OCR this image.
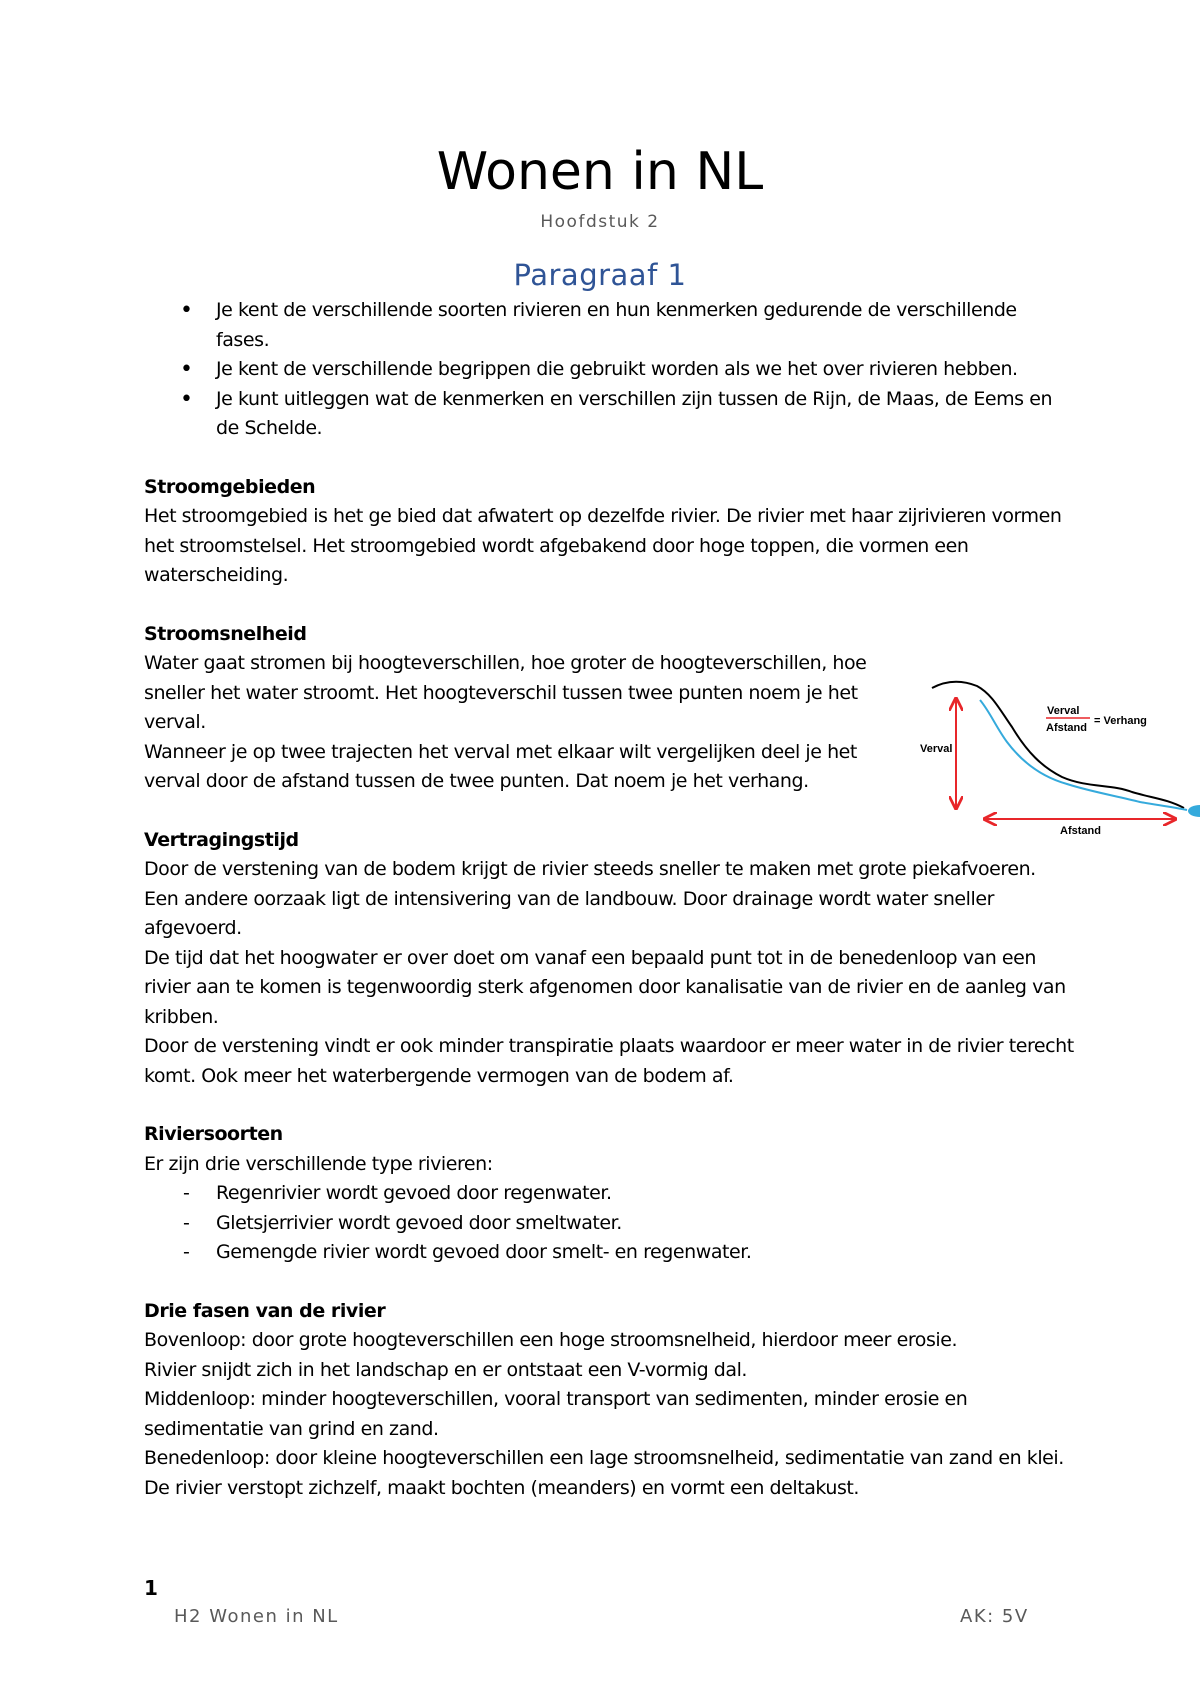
Wonen in NL
Hoofdstuk 2
Paragraaf 1
• Je kent de verschillende soorten rivieren en hun kenmerken gedurende de verschillende fases.
• Je kent de verschillende begrippen die gebruikt worden als we het over rivieren hebben.
• Je kunt uitleggen wat de kenmerken en verschillen zijn tussen de Rijn, de Maas, de Eems en de Schelde.
Stroomgebieden

Het stroomgebied is het ge bied dat afwatert op dezelfde rivier. De rivier met haar zijrivieren vormen het stroomstelsel. Het stroomgebied wordt afgebakend door hoge toppen, die vormen een waterscheiding.

Stroomsnelheid

Water gaat stromen bij hoogteverschillen, hoe groter de hoogteverschillen, hoe sneller het water stroomt. Het hoogteverschil tussen twee punten noem je het verval.

Wanneer je op twee trajecten het verval met elkaar wilt vergelijken deel je het verval door de afstand tussen de twee punten. Dat noem je het verhang.

Vertragingstijd

Door de verstening van de bodem krijgt de rivier steeds sneller te maken met grote piekafvoeren. Een andere oorzaak ligt de intensivering van de landbouw. Door drainage wordt water sneller afgevoerd.

De tijd dat het hoogwater er over doet om vanaf een bepaald punt tot in de benedenloop van een rivier aan te komen is tegenwoordig sterk afgenomen door kanalisatie van de rivier en de aanleg van kribben.

Door de verstening vindt er ook minder transpiratie plaats waardoor er meer water in de rivier terecht komt. Ook meer het waterbergende vermogen van de bodem af.

Riviersoorten

Er zijn drie verschillende type rivieren:

- Regenrivier wordt gevoed door regenwater.
- Gletsjerrivier wordt gevoed door smeltwater.
- Gemengde rivier wordt gevoed door smelt- en regenwater.
Drie fasen van de rivier

Bovenloop: door grote hoogteverschillen een hoge stroomsnelheid, hierdoor meer erosie.

Rivier snijdt zich in het landschap en er ontstaat een V-vormig dal.

Middenloop: minder hoogteverschillen, vooral transport van sedimenten, minder erosie en sedimentatie van grind en zand.

Benedenloop: door kleine hoogteverschillen een lage stroomsnelheid, sedimentatie van zand en klei. De rivier verstopt zichzelf, maakt bochten (meanders) en vormt een deltakust.

Verval
Afstand
Verval
Afstand
= Verhang
1
H2 Wonen in NL	AK: 5V
